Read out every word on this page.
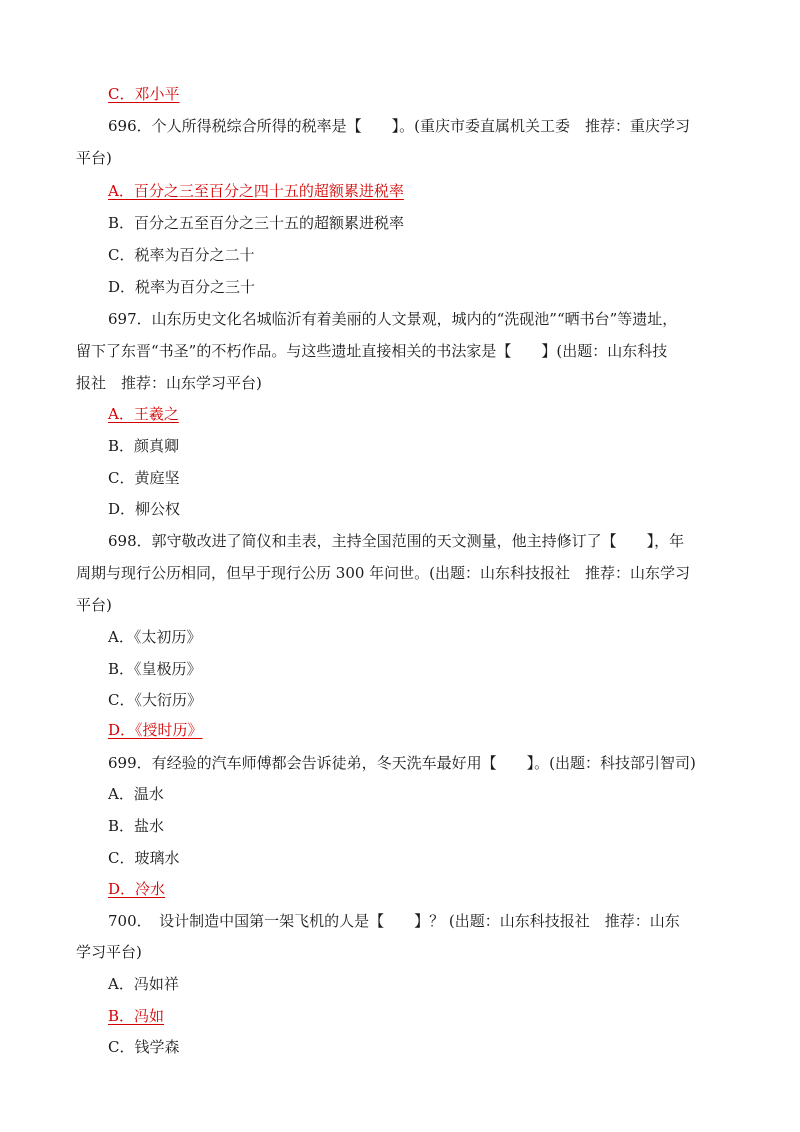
C．邓小平
696．个人所得税综合所得的税率是【　　】。(重庆市委直属机关工委　推荐：重庆学习
平台)
A．百分之三至百分之四十五的超额累进税率
B．百分之五至百分之三十五的超额累进税率
C．税率为百分之二十
D．税率为百分之三十
697．山东历史文化名城临沂有着美丽的人文景观，城内的“洗砚池”“晒书台”等遗址，
留下了东晋“书圣”的不朽作品。与这些遗址直接相关的书法家是【　　】(出题：山东科技
报社　推荐：山东学习平台)
A．王羲之
B．颜真卿
C．黄庭坚
D．柳公权
698．郭守敬改进了简仪和圭表，主持全国范围的天文测量，他主持修订了【　　】，年
周期与现行公历相同，但早于现行公历 300 年问世。(出题：山东科技报社　推荐：山东学习
平台)
A．《太初历》
B．《皇极历》
C．《大衍历》
D．《授时历》
699．有经验的汽车师傅都会告诉徒弟，冬天洗车最好用【　　】。(出题：科技部引智司)
A．温水
B．盐水
C．玻璃水
D．冷水
700．　设计制造中国第一架飞机的人是【　　】？ (出题：山东科技报社　推荐：山东
学习平台)
A．冯如祥
B．冯如
C．钱学森
